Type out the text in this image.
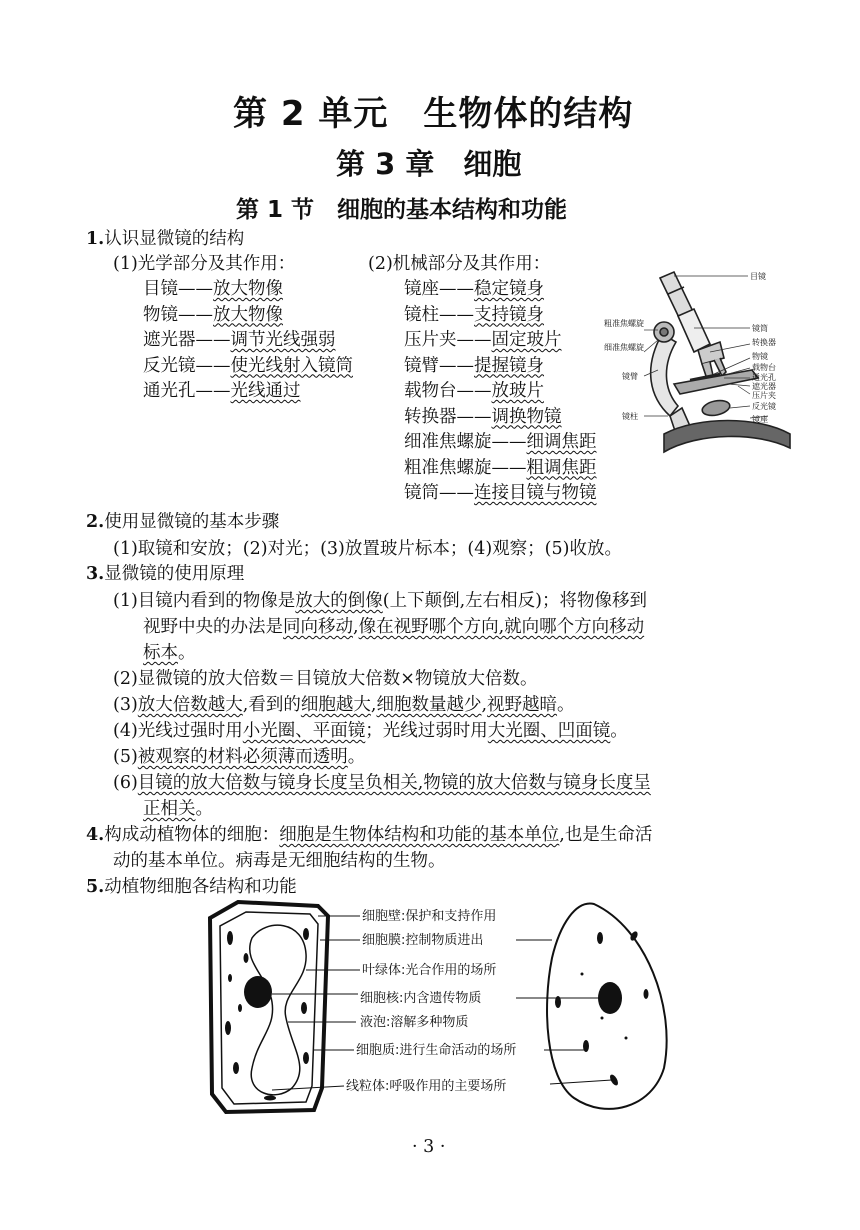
第 2 单元　生物体的结构
第 3 章　细胞
第 1 节　细胞的基本结构和功能
1.认识显微镜的结构
(1)光学部分及其作用：	(2)机械部分及其作用：
目镜——放大物像
物镜——放大物像
遮光器——调节光线强弱
反光镜——使光线射入镜筒
通光孔——光线通过
镜座——稳定镜身
镜柱——支持镜身
压片夹——固定玻片
镜臂——提握镜身
载物台——放玻片
转换器——调换物镜
细准焦螺旋——细调焦距
粗准焦螺旋——粗调焦距
镜筒——连接目镜与物镜
目镜
粗准焦螺旋
细准焦螺旋
镜臂
镜柱
镜筒
转换器
物镜
载物台
通光孔
遮光器
压片夹
反光镜
镜座
2.使用显微镜的基本步骤
(1)取镜和安放；(2)对光；(3)放置玻片标本；(4)观察；(5)收放。
3.显微镜的使用原理
(1)目镜内看到的物像是放大的倒像(上下颠倒,左右相反)；将物像移到
视野中央的办法是同向移动,像在视野哪个方向,就向哪个方向移动
标本。
(2)显微镜的放大倍数＝目镜放大倍数×物镜放大倍数。
(3)放大倍数越大,看到的细胞越大,细胞数量越少,视野越暗。
(4)光线过强时用小光圈、平面镜；光线过弱时用大光圈、凹面镜。
(5)被观察的材料必须薄而透明。
(6)目镜的放大倍数与镜身长度呈负相关,物镜的放大倍数与镜身长度呈
正相关。
4.构成动植物体的细胞：细胞是生物体结构和功能的基本单位,也是生命活
动的基本单位。病毒是无细胞结构的生物。
5.动植物细胞各结构和功能
细胞壁:保护和支持作用
细胞膜:控制物质进出
叶绿体:光合作用的场所
细胞核:内含遗传物质
液泡:溶解多种物质
细胞质:进行生命活动的场所
线粒体:呼吸作用的主要场所
· 3 ·
